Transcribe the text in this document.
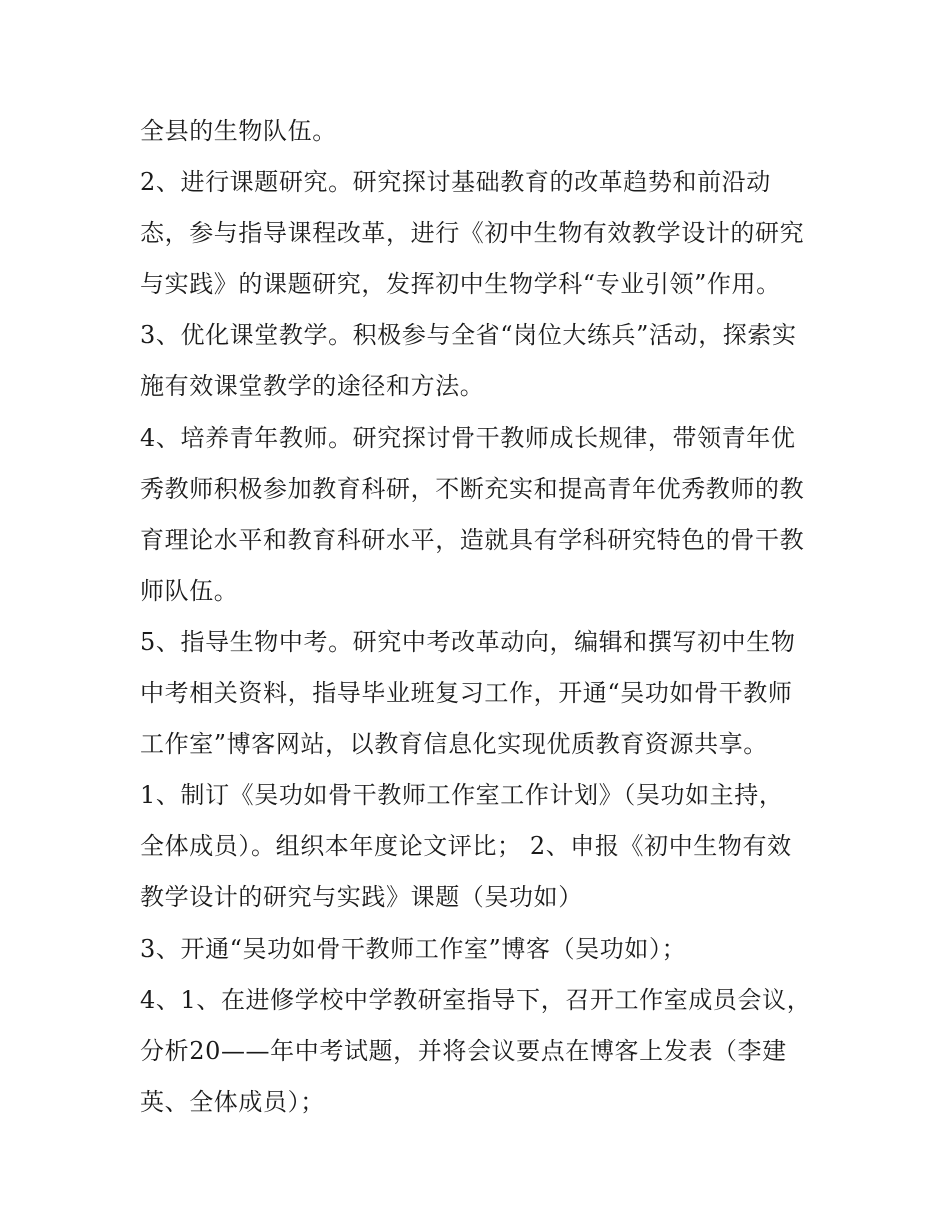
全县的生物队伍。
2、进行课题研究。研究探讨基础教育的改革趋势和前沿动
态，参与指导课程改革，进行《初中生物有效教学设计的研究
与实践》的课题研究，发挥初中生物学科“专业引领”作用。
3、优化课堂教学。积极参与全省“岗位大练兵”活动，探索实
施有效课堂教学的途径和方法。
4、培养青年教师。研究探讨骨干教师成长规律，带领青年优
秀教师积极参加教育科研，不断充实和提高青年优秀教师的教
育理论水平和教育科研水平，造就具有学科研究特色的骨干教
师队伍。
5、指导生物中考。研究中考改革动向，编辑和撰写初中生物
中考相关资料，指导毕业班复习工作，开通“吴功如骨干教师
工作室”博客网站，以教育信息化实现优质教育资源共享。
1、制订《吴功如骨干教师工作室工作计划》（吴功如主持，
全体成员）。组织本年度论文评比； 2、申报《初中生物有效
教学设计的研究与实践》课题（吴功如）
3、开通“吴功如骨干教师工作室”博客（吴功如）；
4、1、在进修学校中学教研室指导下，召开工作室成员会议，
分析20——年中考试题，并将会议要点在博客上发表（李建
英、全体成员）；
